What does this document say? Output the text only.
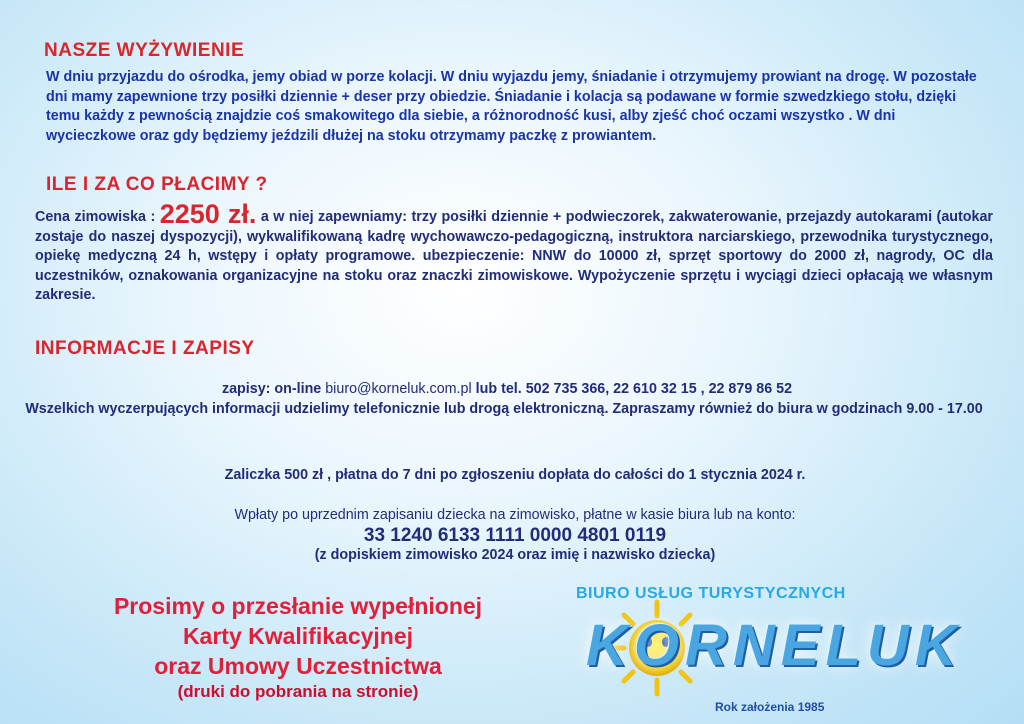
NASZE WYŻYWIENIE
W dniu przyjazdu do ośrodka, jemy obiad w porze kolacji. W dniu wyjazdu jemy, śniadanie i otrzymujemy prowiant na drogę. W pozostałe dni mamy zapewnione trzy posiłki dziennie + deser przy obiedzie. Śniadanie i kolacja są podawane w formie szwedzkiego stołu, dzięki temu każdy z pewnością znajdzie coś smakowitego dla siebie, a różnorodność kusi, alby zjeść choć oczami wszystko . W dni wycieczkowe oraz gdy będziemy jeździli dłużej na stoku otrzymamy paczkę z prowiantem.
ILE I ZA CO PŁACIMY ?
Cena zimowiska : 2250 zł. a w niej zapewniamy: trzy posiłki dziennie + podwieczorek, zakwaterowanie, przejazdy autokarami (autokar zostaje do naszej dyspozycji), wykwalifikowaną kadrę wychowawczo-pedagogiczną, instruktora narciarskiego, przewodnika turystycznego, opiekę medyczną 24 h, wstępy i opłaty programowe. ubezpieczenie: NNW do 10000 zł, sprzęt sportowy do 2000 zł, nagrody, OC dla uczestników, oznakowania organizacyjne na stoku oraz znaczki zimowiskowe. Wypożyczenie sprzętu i wyciągi dzieci opłacają we własnym zakresie.
INFORMACJE I ZAPISY
zapisy: on-line biuro@korneluk.com.pl lub tel. 502 735 366, 22 610 32 15 , 22 879 86 52
Wszelkich wyczerpujących informacji udzielimy telefonicznie lub drogą elektroniczną. Zapraszamy również do biura w godzinach 9.00 - 17.00
Zaliczka 500 zł , płatna do 7 dni po zgłoszeniu dopłata do całości do 1 stycznia 2024 r.
Wpłaty po uprzednim zapisaniu dziecka na zimowisko, płatne w kasie biura lub na konto:
33 1240 6133 1111 0000 4801 0119
(z dopiskiem zimowisko 2024 oraz imię i nazwisko dziecka)
Prosimy o przesłanie wypełnionej
Karty Kwalifikacyjnej
oraz Umowy Uczestnictwa
(druki do pobrania na stronie)
BIURO USŁUG TURYSTYCZNYCH
KORNELUK
Rok założenia 1985
